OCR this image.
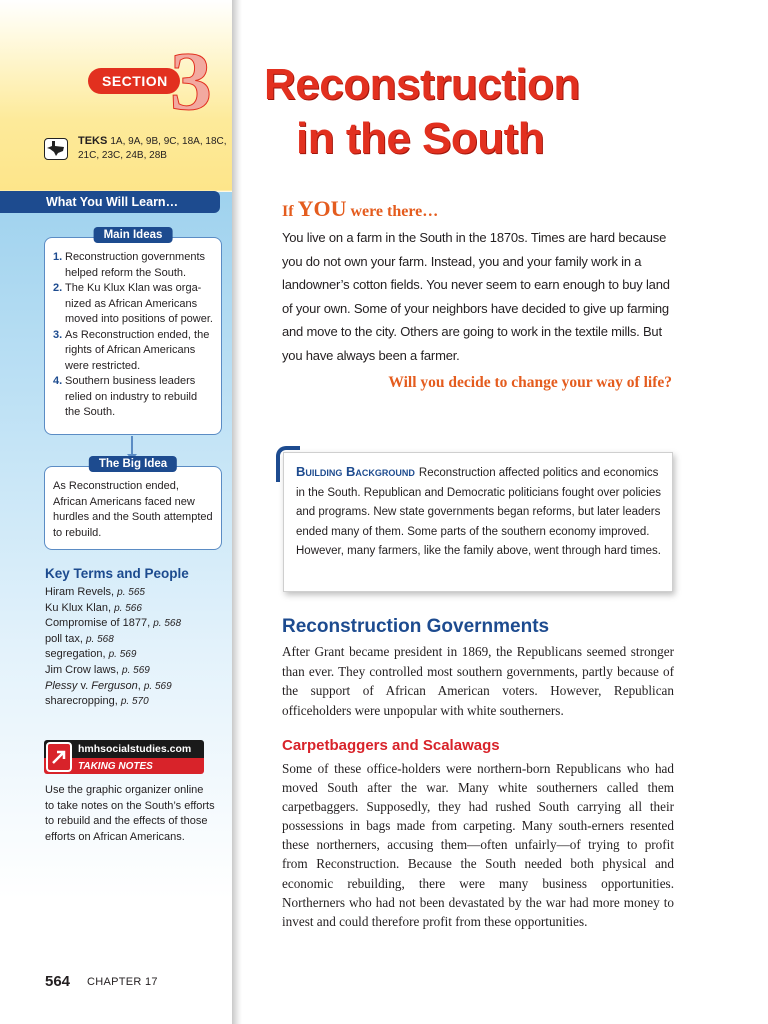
SECTION 3
TEKS 1A, 9A, 9B, 9C, 18A, 18C, 21C, 23C, 24B, 28B
What You Will Learn…
Main Ideas
1. Reconstruction governments
helped reform the South.
2. The Ku Klux Klan was orga-
nized as African Americans
moved into positions of power.
3. As Reconstruction ended, the
rights of African Americans
were restricted.
4. Southern business leaders
relied on industry to rebuild
the South.
The Big Idea
As Reconstruction ended,
African Americans faced new
hurdles and the South attempted
to rebuild.
Key Terms and People
Hiram Revels, p. 565
Ku Klux Klan, p. 566
Compromise of 1877, p. 568
poll tax, p. 568
segregation, p. 569
Jim Crow laws, p. 569
Plessy v. Ferguson, p. 569
sharecropping, p. 570
hmhsocialstudies.com
TAKING NOTES
Use the graphic organizer online
to take notes on the South’s efforts
to rebuild and the effects of those
efforts on African Americans.
564 CHAPTER 17
Reconstruction
in the South
If YOU were there…
You live on a farm in the South in the 1870s. Times are hard because you do not own your farm. Instead, you and your family work in a landowner’s cotton fields. You never seem to earn enough to buy land of your own. Some of your neighbors have decided to give up farming and move to the city. Others are going to work in the textile mills. But you have always been a farmer.
Will you decide to change your way of life?
Building Background Reconstruction affected politics and economics in the South. Republican and Democratic politicians fought over policies and programs. New state governments began reforms, but later leaders ended many of them. Some parts of the southern economy improved. However, many farmers, like the family above, went through hard times.
Reconstruction Governments
After Grant became president in 1869, the Republicans seemed stronger than ever. They controlled most southern governments, partly because of the support of African American voters. However, Republican officeholders were unpopular with white southerners.
Carpetbaggers and Scalawags
Some of these office-holders were northern-born Republicans who had moved South after the war. Many white southerners called them carpetbaggers. Supposedly, they had rushed South carrying all their possessions in bags made from carpeting. Many south-erners resented these northerners, accusing them—often unfairly—of trying to profit from Reconstruction. Because the South needed both physical and economic rebuilding, there were many business opportunities. Northerners who had not been devastated by the war had more money to invest and could therefore profit from these opportunities.
